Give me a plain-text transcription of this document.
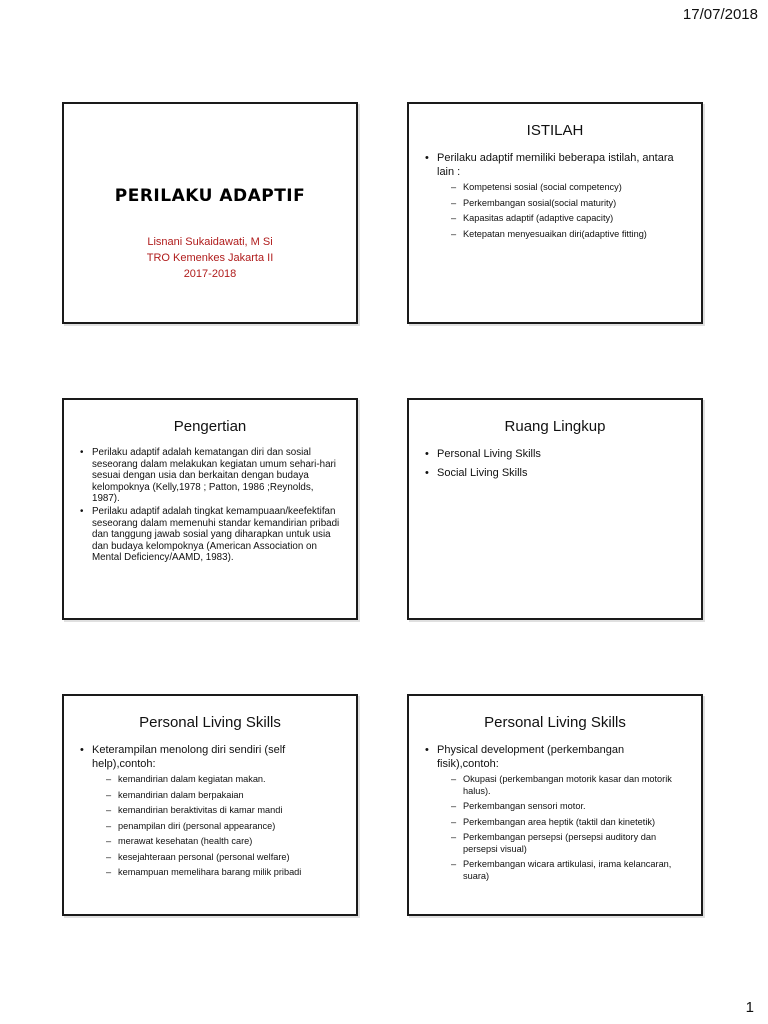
17/07/2018
PERILAKU ADAPTIF
Lisnani Sukaidawati, M Si
TRO Kemenkes Jakarta II
2017-2018
ISTILAH
• Perilaku adaptif memiliki beberapa istilah, antara lain :
– Kompetensi sosial (social competency)
– Perkembangan sosial(social maturity)
– Kapasitas adaptif (adaptive capacity)
– Ketepatan menyesuaikan diri(adaptive fitting)
Pengertian
• Perilaku adaptif adalah kematangan diri dan sosial seseorang dalam melakukan kegiatan umum sehari-hari sesuai dengan usia dan berkaitan dengan budaya kelompoknya (Kelly,1978 ; Patton, 1986 ;Reynolds, 1987).
• Perilaku adaptif adalah tingkat kemampuaan/keefektifan seseorang dalam memenuhi standar kemandirian pribadi dan tanggung jawab sosial yang diharapkan untuk usia dan budaya kelompoknya (American Association on Mental Deficiency/AAMD, 1983).
Ruang Lingkup
• Personal Living Skills
• Social Living Skills
Personal Living Skills
• Keterampilan menolong diri sendiri (self help),contoh:
– kemandirian dalam kegiatan makan.
– kemandirian dalam berpakaian
– kemandirian beraktivitas di kamar mandi
– penampilan diri (personal appearance)
– merawat kesehatan (health care)
– kesejahteraan personal (personal welfare)
– kemampuan memelihara barang milik pribadi
Personal Living Skills
• Physical development (perkembangan fisik),contoh:
– Okupasi (perkembangan motorik kasar dan motorik halus).
– Perkembangan sensori motor.
– Perkembangan area heptik (taktil dan kinetetik)
– Perkembangan persepsi (persepsi auditory dan persepsi visual)
– Perkembangan wicara artikulasi, irama kelancaran, suara)
1
